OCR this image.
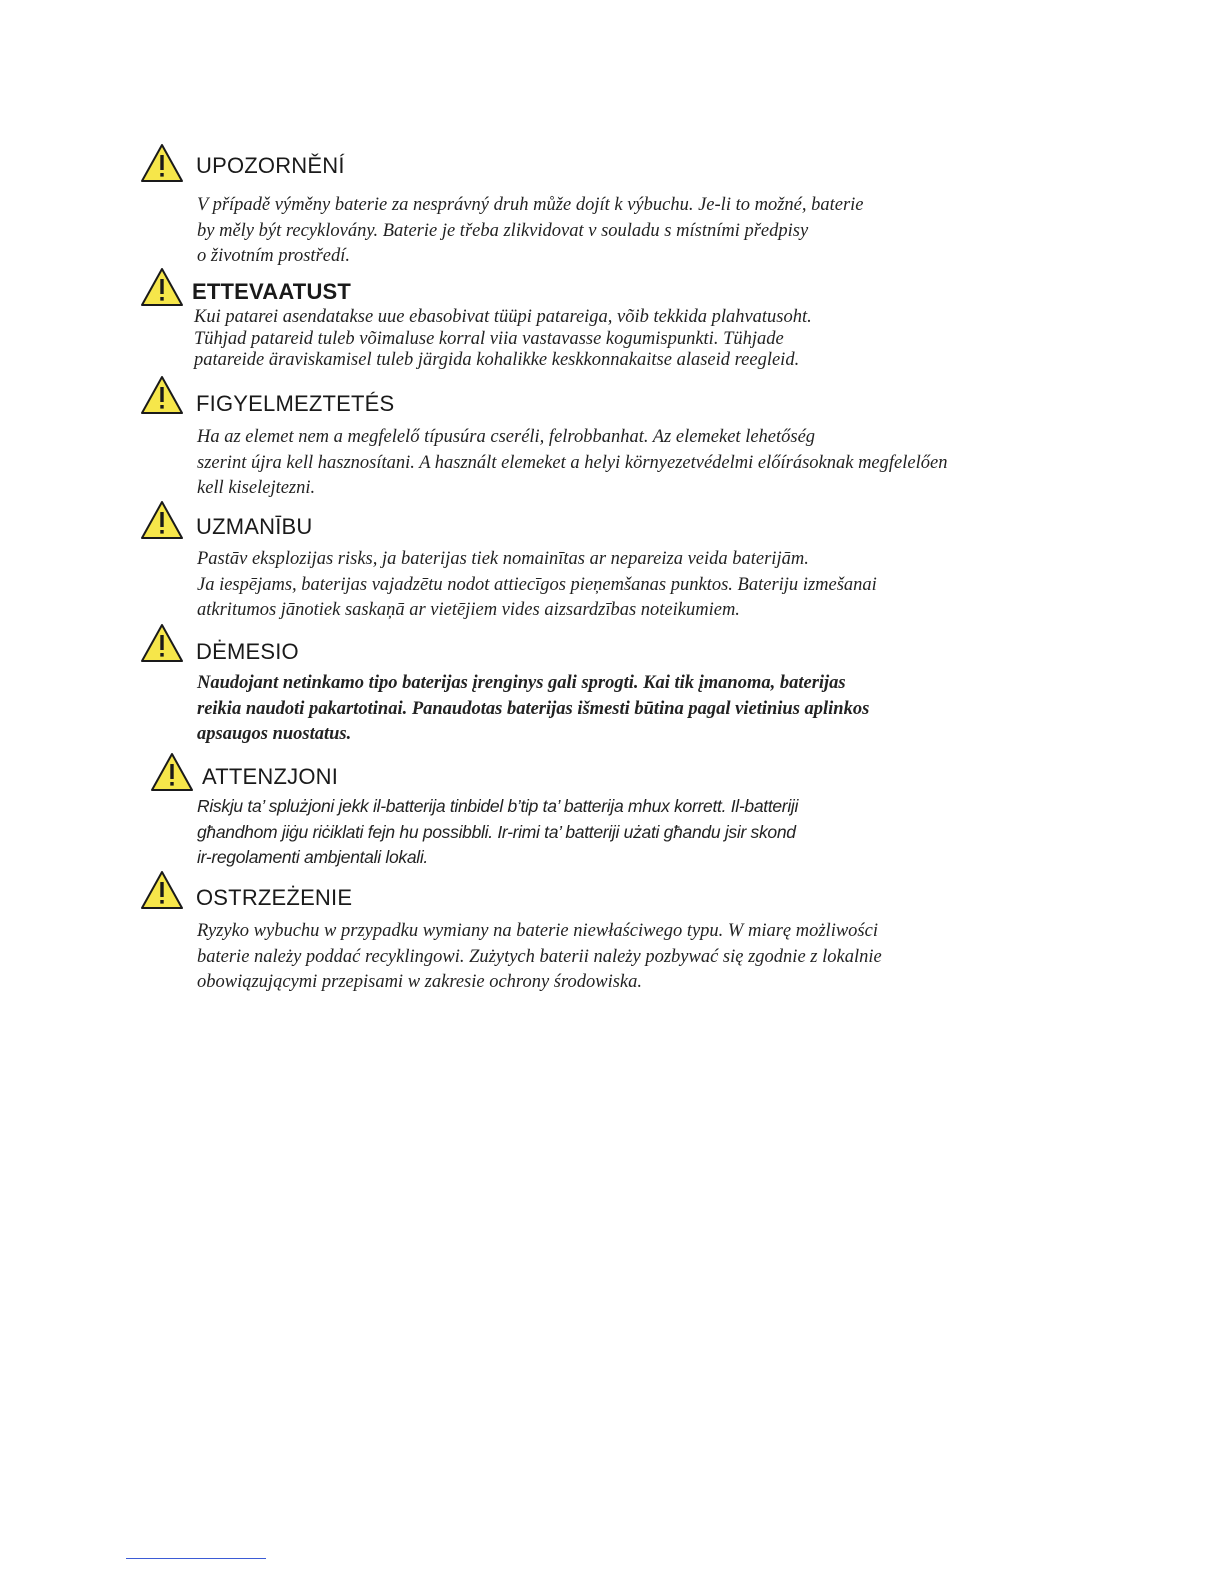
UPOZORNĚNÍ
V případě výměny baterie za nesprávný druh může dojít k výbuchu. Je-li to možné, baterie
by měly být recyklovány. Baterie je třeba zlikvidovat v souladu s místními předpisy
o životním prostředí.
ETTEVAATUST
Kui patarei asendatakse uue ebasobivat tüüpi patareiga, võib tekkida plahvatusoht.
Tühjad patareid tuleb võimaluse korral viia vastavasse kogumispunkti. Tühjade
patareide äraviskamisel tuleb järgida kohalikke keskkonnakaitse alaseid reegleid.
FIGYELMEZTETÉS
Ha az elemet nem a megfelelő típusúra cseréli, felrobbanhat. Az elemeket lehetőség
szerint újra kell hasznosítani. A használt elemeket a helyi környezetvédelmi előírásoknak megfelelően
kell kiselejtezni.
UZMANĪBU
Pastāv eksplozijas risks, ja baterijas tiek nomainītas ar nepareiza veida baterijām.
Ja iespējams, baterijas vajadzētu nodot attiecīgos pieņemšanas punktos. Bateriju izmešanai
atkritumos jānotiek saskaņā ar vietējiem vides aizsardzības noteikumiem.
DĖMESIO
Naudojant netinkamo tipo baterijas įrenginys gali sprogti. Kai tik įmanoma, baterijas
reikia naudoti pakartotinai. Panaudotas baterijas išmesti būtina pagal vietinius aplinkos
apsaugos nuostatus.
ATTENZJONI
Riskju ta’ splużjoni jekk il-batterija tinbidel b’tip ta’ batterija mhux korrett. Il-batteriji
għandhom jiġu riċiklati fejn hu possibbli. Ir-rimi ta’ batteriji użati għandu jsir skond
ir-regolamenti ambjentali lokali.
OSTRZEŻENIE
Ryzyko wybuchu w przypadku wymiany na baterie niewłaściwego typu. W miarę możliwości
baterie należy poddać recyklingowi. Zużytych baterii należy pozbywać się zgodnie z lokalnie
obowiązującymi przepisami w zakresie ochrony środowiska.
